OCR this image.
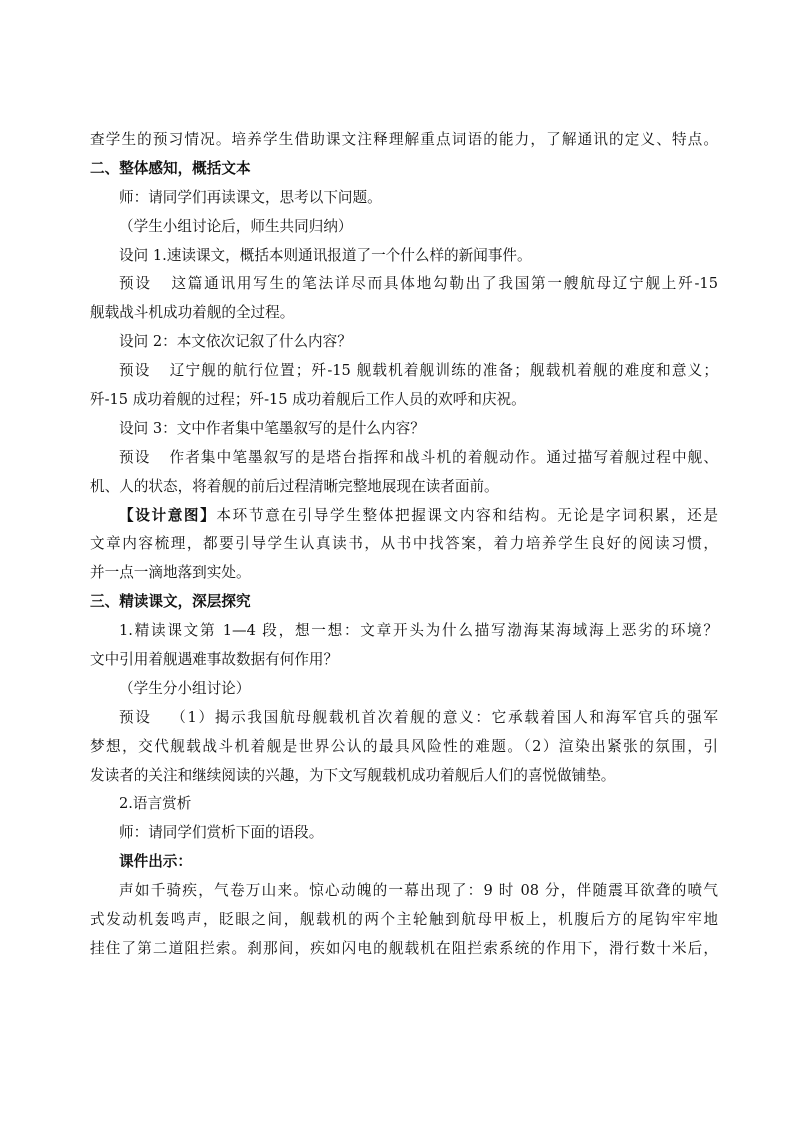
查学生的预习情况。培养学生借助课文注释理解重点词语的能力，了解通讯的定义、特点。
二、整体感知，概括文本
师：请同学们再读课文，思考以下问题。
（学生小组讨论后，师生共同归纳）
设问 1.速读课文，概括本则通讯报道了一个什么样的新闻事件。
预设 这篇通讯用写生的笔法详尽而具体地勾勒出了我国第一艘航母辽宁舰上歼-15
舰载战斗机成功着舰的全过程。
设问 2：本文依次记叙了什么内容？
预设 辽宁舰的航行位置；歼-15 舰载机着舰训练的准备；舰载机着舰的难度和意义；
歼-15 成功着舰的过程；歼-15 成功着舰后工作人员的欢呼和庆祝。
设问 3：文中作者集中笔墨叙写的是什么内容？
预设 作者集中笔墨叙写的是塔台指挥和战斗机的着舰动作。通过描写着舰过程中舰、
机、人的状态，将着舰的前后过程清晰完整地展现在读者面前。
【设计意图】本环节意在引导学生整体把握课文内容和结构。无论是字词积累，还是
文章内容梳理，都要引导学生认真读书，从书中找答案，着力培养学生良好的阅读习惯，
并一点一滴地落到实处。
三、精读课文，深层探究
1.精读课文第 1—4 段，想一想：文章开头为什么描写渤海某海域海上恶劣的环境？
文中引用着舰遇难事故数据有何作用？
（学生分小组讨论）
预设 （1）揭示我国航母舰载机首次着舰的意义：它承载着国人和海军官兵的强军
梦想，交代舰载战斗机着舰是世界公认的最具风险性的难题。（2）渲染出紧张的氛围，引
发读者的关注和继续阅读的兴趣，为下文写舰载机成功着舰后人们的喜悦做铺垫。
2.语言赏析
师：请同学们赏析下面的语段。
课件出示：
声如千骑疾，气卷万山来。惊心动魄的一幕出现了：9 时 08 分，伴随震耳欲聋的喷气
式发动机轰鸣声，眨眼之间，舰载机的两个主轮触到航母甲板上，机腹后方的尾钩牢牢地
挂住了第二道阻拦索。刹那间，疾如闪电的舰载机在阻拦索系统的作用下，滑行数十米后，
